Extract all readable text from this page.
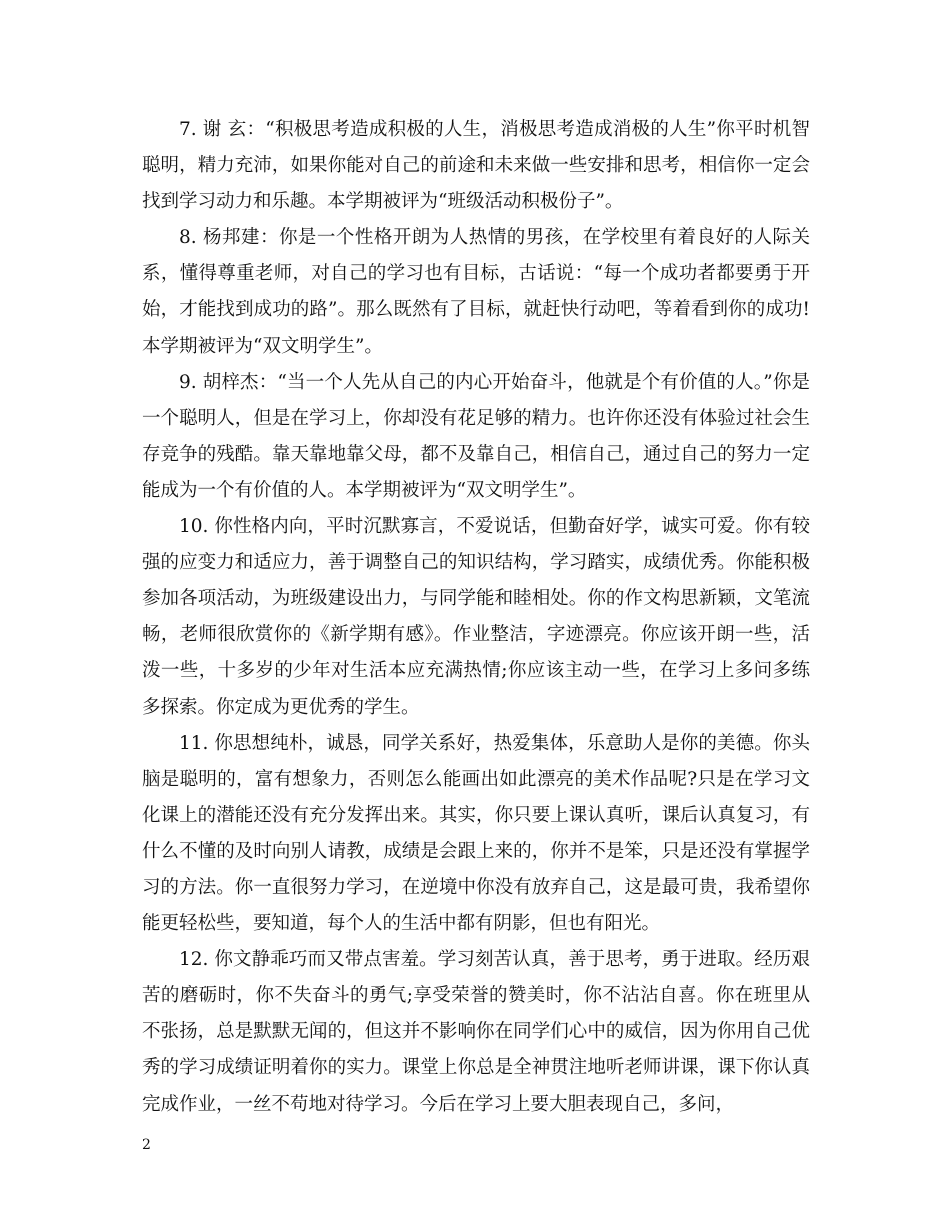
7. 谢 玄：“积极思考造成积极的人生，消极思考造成消极的人生”你平时机智聪明，精力充沛，如果你能对自己的前途和未来做一些安排和思考，相信你一定会找到学习动力和乐趣。本学期被评为“班级活动积极份子”。

8. 杨邦建：你是一个性格开朗为人热情的男孩，在学校里有着良好的人际关系，懂得尊重老师，对自己的学习也有目标，古话说：“每一个成功者都要勇于开始，才能找到成功的路”。那么既然有了目标，就赶快行动吧，等着看到你的成功!本学期被评为“双文明学生”。

9. 胡梓杰：“当一个人先从自己的内心开始奋斗，他就是个有价值的人。”你是一个聪明人，但是在学习上，你却没有花足够的精力。也许你还没有体验过社会生存竞争的残酷。靠天靠地靠父母，都不及靠自己，相信自己，通过自己的努力一定能成为一个有价值的人。本学期被评为“双文明学生”。

10. 你性格内向，平时沉默寡言，不爱说话，但勤奋好学，诚实可爱。你有较强的应变力和适应力，善于调整自己的知识结构，学习踏实，成绩优秀。你能积极参加各项活动，为班级建设出力，与同学能和睦相处。你的作文构思新颖，文笔流畅，老师很欣赏你的《新学期有感》。作业整洁，字迹漂亮。你应该开朗一些，活泼一些，十多岁的少年对生活本应充满热情;你应该主动一些，在学习上多问多练多探索。你定成为更优秀的学生。

11. 你思想纯朴，诚恳，同学关系好，热爱集体，乐意助人是你的美德。你头脑是聪明的，富有想象力，否则怎么能画出如此漂亮的美术作品呢?只是在学习文化课上的潜能还没有充分发挥出来。其实，你只要上课认真听，课后认真复习，有什么不懂的及时向别人请教，成绩是会跟上来的，你并不是笨，只是还没有掌握学习的方法。你一直很努力学习，在逆境中你没有放弃自己，这是最可贵，我希望你能更轻松些，要知道，每个人的生活中都有阴影，但也有阳光。

12. 你文静乖巧而又带点害羞。学习刻苦认真，善于思考，勇于进取。经历艰苦的磨砺时，你不失奋斗的勇气;享受荣誉的赞美时，你不沾沾自喜。你在班里从不张扬，总是默默无闻的，但这并不影响你在同学们心中的威信，因为你用自己优秀的学习成绩证明着你的实力。课堂上你总是全神贯注地听老师讲课，课下你认真完成作业，一丝不苟地对待学习。今后在学习上要大胆表现自己，多问，

2
